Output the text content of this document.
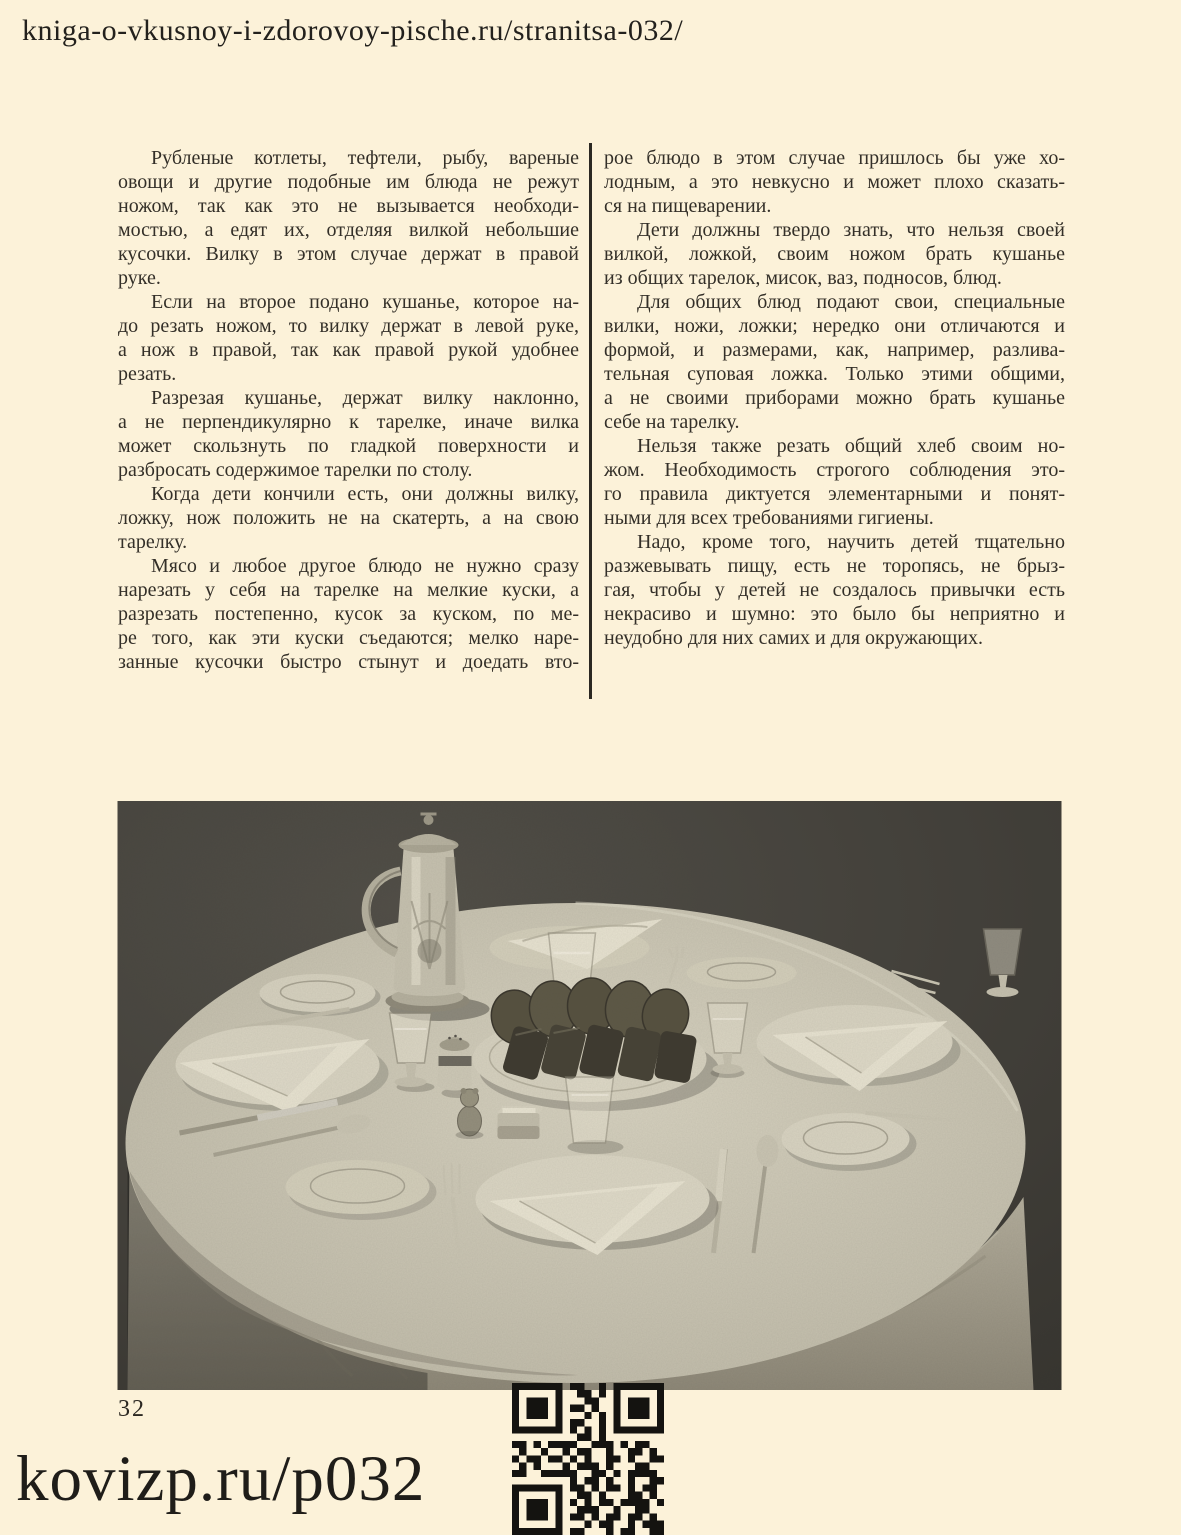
kniga-o-vkusnoy-i-zdorovoy-pische.ru/stranitsa-032/
Рубленые котлеты, тефтели, рыбу, вареные
овощи и другие подобные им блюда не режут
ножом, так как это не вызывается необходи-
мостью, а едят их, отделяя вилкой небольшие
кусочки. Вилку в этом случае держат в правой
руке.
Если на второе подано кушанье, которое на-
до резать ножом, то вилку держат в левой руке,
а нож в правой, так как правой рукой удобнее
резать.
Разрезая кушанье, держат вилку наклонно,
а не перпендикулярно к тарелке, иначе вилка
может скользнуть по гладкой поверхности и
разбросать содержимое тарелки по столу.
Когда дети кончили есть, они должны вилку,
ложку, нож положить не на скатерть, а на свою
тарелку.
Мясо и любое другое блюдо не нужно сразу
нарезать у себя на тарелке на мелкие куски, а
разрезать постепенно, кусок за куском, по ме-
ре того, как эти куски съедаются; мелко наре-
занные кусочки быстро стынут и доедать вто-
рое блюдо в этом случае пришлось бы уже хо-
лодным, а это невкусно и может плохо сказать-
ся на пищеварении.
Дети должны твердо знать, что нельзя своей
вилкой, ложкой, своим ножом брать кушанье
из общих тарелок, мисок, ваз, подносов, блюд.
Для общих блюд подают свои, специальные
вилки, ножи, ложки; нередко они отличаются и
формой, и размерами, как, например, разлива-
тельная суповая ложка. Только этими общими,
а не своими приборами можно брать кушанье
себе на тарелку.
Нельзя также резать общий хлеб своим но-
жом. Необходимость строгого соблюдения это-
го правила диктуется элементарными и понят-
ными для всех требованиями гигиены.
Надо, кроме того, научить детей тщательно
разжевывать пищу, есть не торопясь, не брыз-
гая, чтобы у детей не создалось привычки есть
некрасиво и шумно: это было бы неприятно и
неудобно для них самих и для окружающих.
32
kovizp.ru/p032
